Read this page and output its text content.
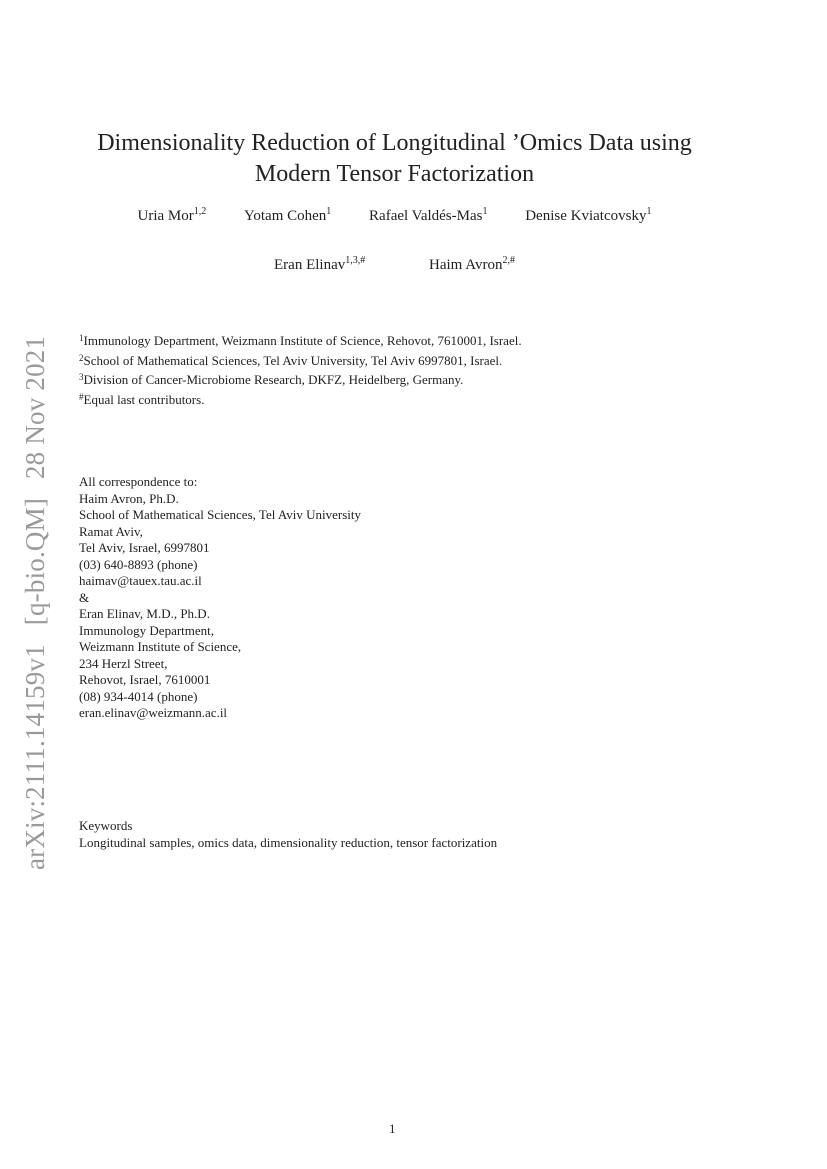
arXiv:2111.14159v1 [q-bio.QM] 28 Nov 2021
Dimensionality Reduction of Longitudinal ’Omics Data using
Modern Tensor Factorization
Uria Mor$^{1,2}$	Yotam Cohen$^1$	Rafael Valdés-Mas$^1$	Denise Kviatcovsky$^1$
Eran Elinav$^{1,3,\#}$	Haim Avron$^{2,\#}$
$^1$Immunology Department, Weizmann Institute of Science, Rehovot, 7610001, Israel.
$^2$School of Mathematical Sciences, Tel Aviv University, Tel Aviv 6997801, Israel.
$^3$Division of Cancer-Microbiome Research, DKFZ, Heidelberg, Germany.
#Equal last contributors.
All correspondence to:
Haim Avron, Ph.D.
School of Mathematical Sciences, Tel Aviv University
Ramat Aviv,
Tel Aviv, Israel, 6997801
(03) 640-8893 (phone)
haimav@tauex.tau.ac.il
&
Eran Elinav, M.D., Ph.D.
Immunology Department,
Weizmann Institute of Science,
234 Herzl Street,
Rehovot, Israel, 7610001
(08) 934-4014 (phone)
eran.elinav@weizmann.ac.il
Keywords
Longitudinal samples, omics data, dimensionality reduction, tensor factorization
1
